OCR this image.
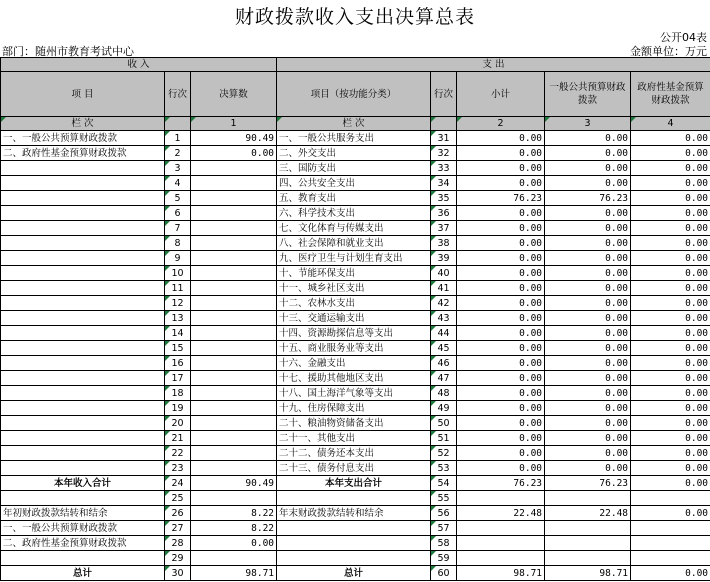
财政拨款收入支出决算总表
公开04表
部门：随州市教育考试中心	金额单位：万元
收 入			支 出				
项 目	行次	决算数	项目（按功能分类）	行次	小计	一般公共预算财政拨款	政府性基金预算财政拨款
栏 次		1	栏 次		2	3	4
一、一般公共预算财政拨款	1	90.49	一、一般公共服务支出	31	0.00	0.00	0.00
二、政府性基金预算财政拨款	2	0.00	二、外交支出	32	0.00	0.00	0.00
	3		三、国防支出	33	0.00	0.00	0.00
	4		四、公共安全支出	34	0.00	0.00	0.00
	5		五、教育支出	35	76.23	76.23	0.00
	6		六、科学技术支出	36	0.00	0.00	0.00
	7		七、文化体育与传媒支出	37	0.00	0.00	0.00
	8		八、社会保障和就业支出	38	0.00	0.00	0.00
	9		九、医疗卫生与计划生育支出	39	0.00	0.00	0.00
	10		十、节能环保支出	40	0.00	0.00	0.00
	11		十一、城乡社区支出	41	0.00	0.00	0.00
	12		十二、农林水支出	42	0.00	0.00	0.00
	13		十三、交通运输支出	43	0.00	0.00	0.00
	14		十四、资源勘探信息等支出	44	0.00	0.00	0.00
	15		十五、商业服务业等支出	45	0.00	0.00	0.00
	16		十六、金融支出	46	0.00	0.00	0.00
	17		十七、援助其他地区支出	47	0.00	0.00	0.00
	18		十八、国土海洋气象等支出	48	0.00	0.00	0.00
	19		十九、住房保障支出	49	0.00	0.00	0.00
	20		二十、粮油物资储备支出	50	0.00	0.00	0.00
	21		二十一、其他支出	51	0.00	0.00	0.00
	22		二十二、债务还本支出	52	0.00	0.00	0.00
	23		二十三、债务付息支出	53	0.00	0.00	0.00
本年收入合计	24	90.49	本年支出合计	54	76.23	76.23	0.00
	25			55			
年初财政拨款结转和结余	26	8.22	年末财政拨款结转和结余	56	22.48	22.48	0.00
一、一般公共预算财政拨款	27	8.22		57			
二、政府性基金预算财政拨款	28	0.00		58			
	29			59			
总计	30	98.71	总计	60	98.71	98.71	0.00
